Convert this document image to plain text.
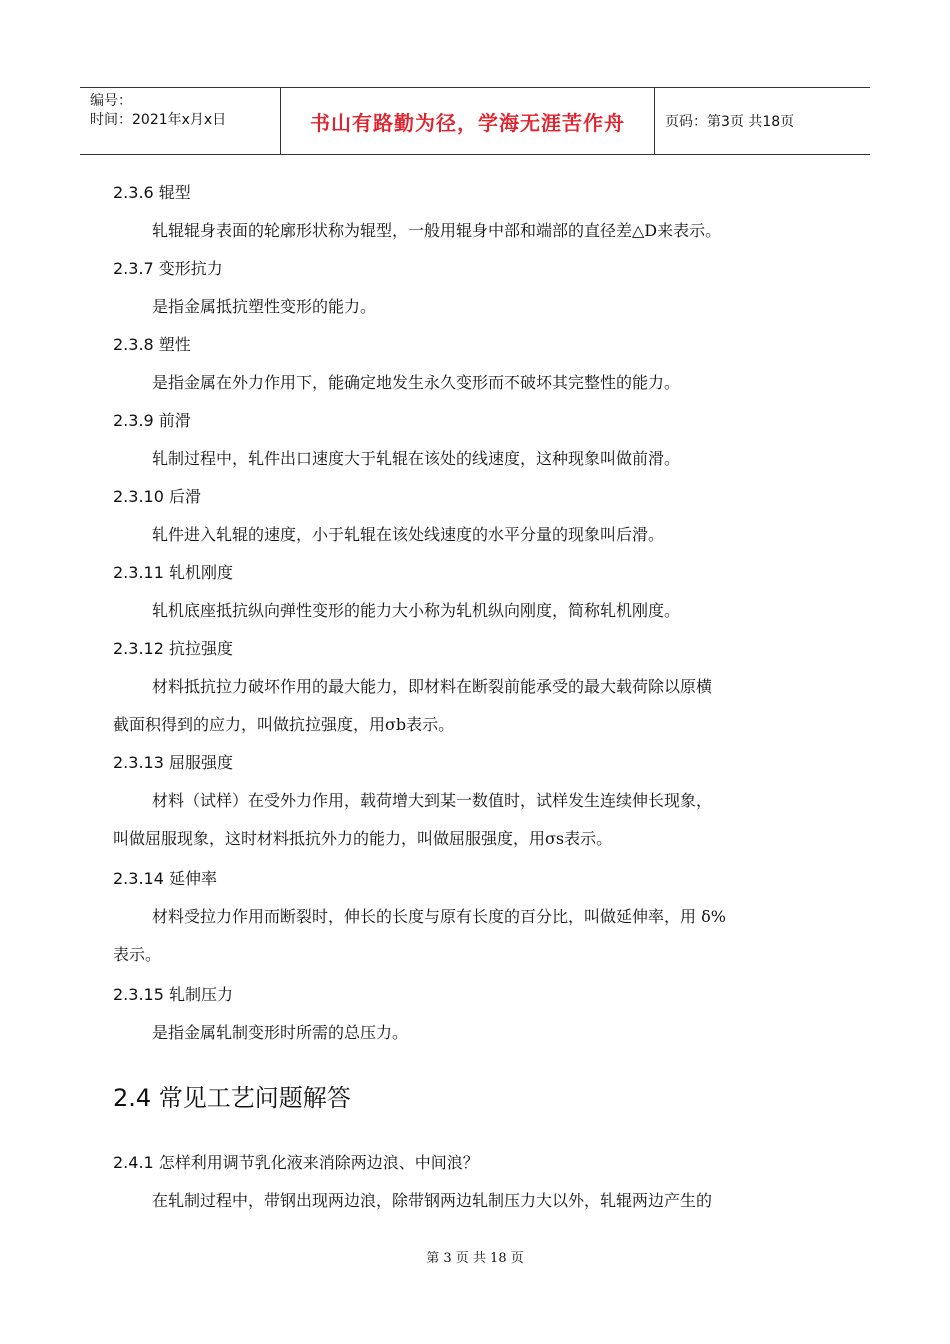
编号：
时间：2021年x月x日	书山有路勤为径，学海无涯苦作舟	页码：第3页 共18页
2.3.6 辊型
轧辊辊身表面的轮廓形状称为辊型，一般用辊身中部和端部的直径差△D来表示。
2.3.7 变形抗力
是指金属抵抗塑性变形的能力。
2.3.8 塑性
是指金属在外力作用下，能确定地发生永久变形而不破坏其完整性的能力。
2.3.9 前滑
轧制过程中，轧件出口速度大于轧辊在该处的线速度，这种现象叫做前滑。
2.3.10 后滑
轧件进入轧辊的速度，小于轧辊在该处线速度的水平分量的现象叫后滑。
2.3.11 轧机刚度
轧机底座抵抗纵向弹性变形的能力大小称为轧机纵向刚度，简称轧机刚度。
2.3.12 抗拉强度
材料抵抗拉力破坏作用的最大能力，即材料在断裂前能承受的最大载荷除以原横
截面积得到的应力，叫做抗拉强度，用σb表示。
2.3.13 屈服强度
材料（试样）在受外力作用，载荷增大到某一数值时，试样发生连续伸长现象，
叫做屈服现象，这时材料抵抗外力的能力，叫做屈服强度，用σs表示。
2.3.14 延伸率
材料受拉力作用而断裂时，伸长的长度与原有长度的百分比，叫做延伸率，用 δ%
表示。
2.3.15 轧制压力
是指金属轧制变形时所需的总压力。
2.4 常见工艺问题解答
2.4.1 怎样利用调节乳化液来消除两边浪、中间浪？
在轧制过程中，带钢出现两边浪，除带钢两边轧制压力大以外，轧辊两边产生的
第 3 页 共 18 页
